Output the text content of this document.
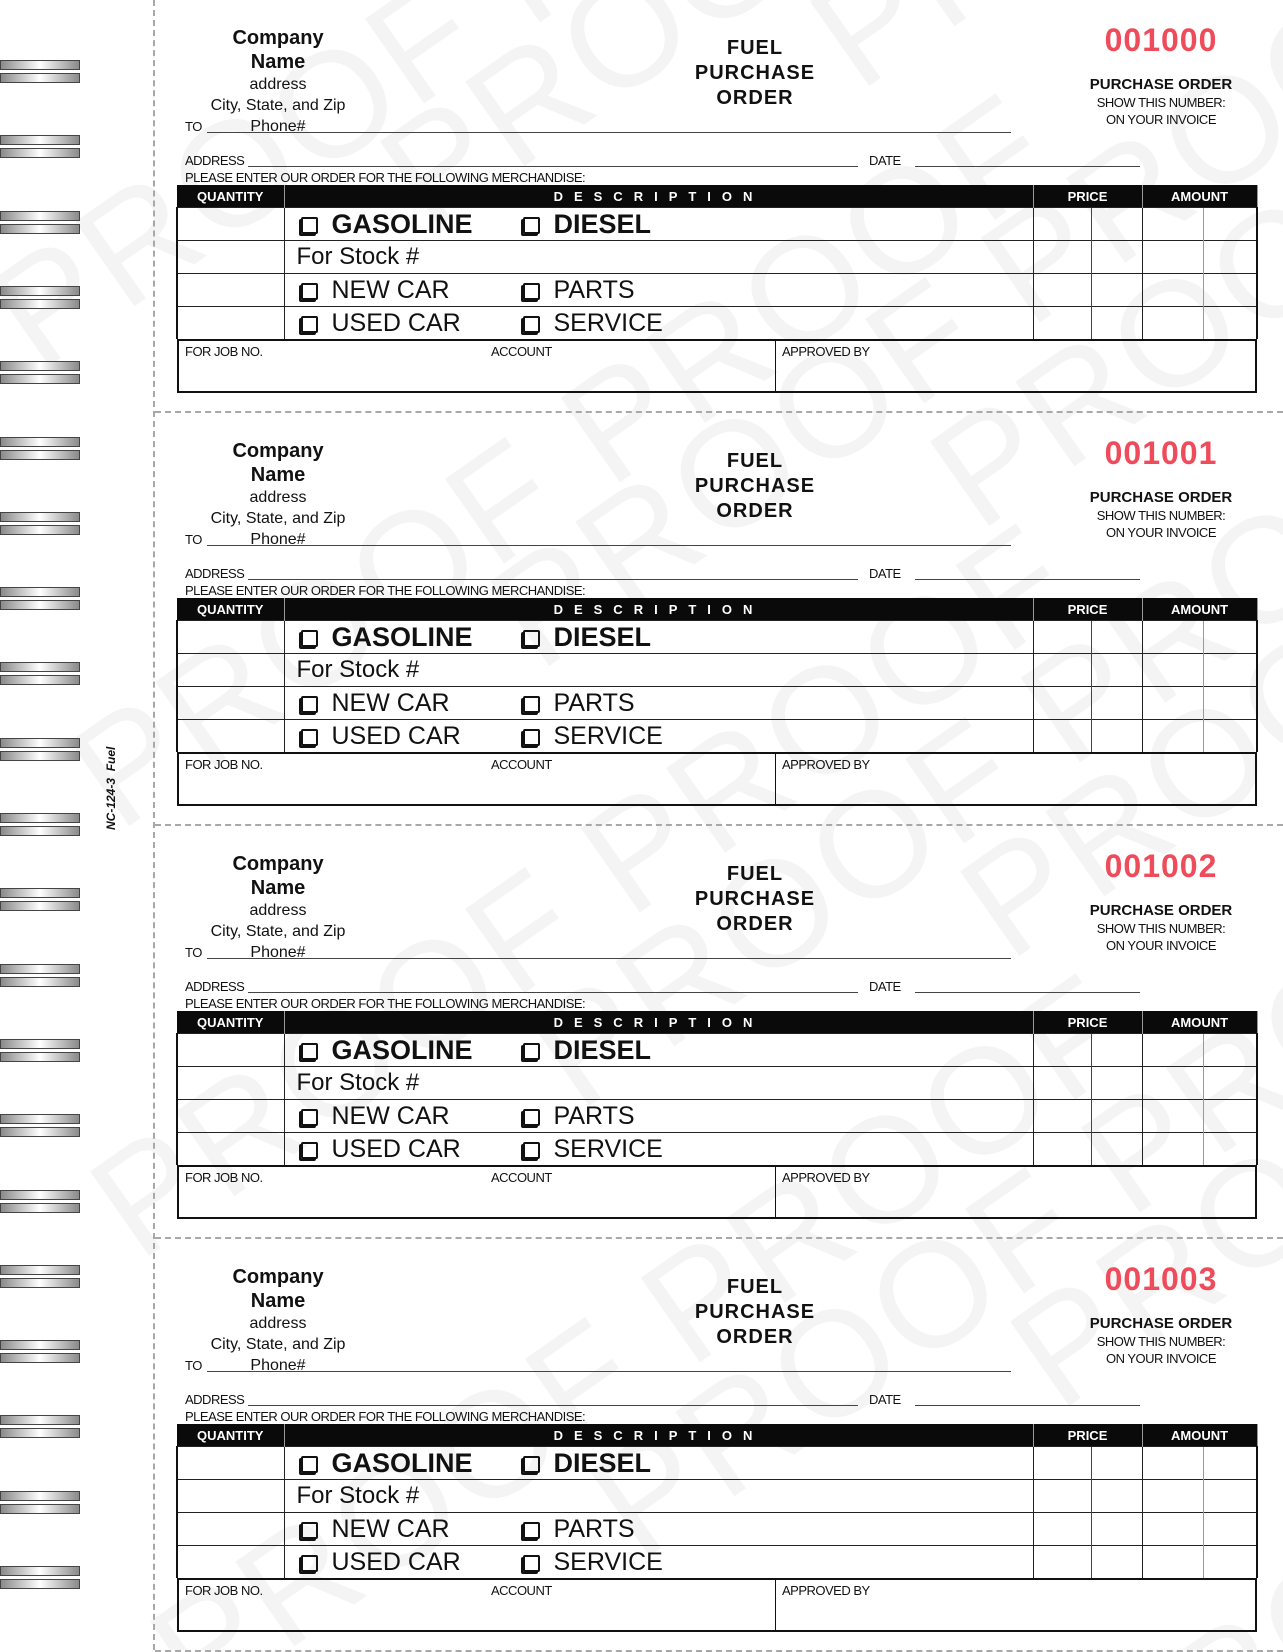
NC-124-3  Fuel
Company Name
address
City, State, and Zip
Phone#
FUEL
PURCHASE
ORDER
001000
PURCHASE ORDER
SHOW THIS NUMBER:
ON YOUR INVOICE
TO
ADDRESS	DATE
PLEASE ENTER OUR ORDER FOR THE FOLLOWING MERCHANDISE:
QUANTITY	DESCRIPTION	PRICE		AMOUNT	

	GASOLINE DIESEL				

For Stock #				

	NEW CAR PARTS				

	USED CAR SERVICE				

FOR JOB NO. ACCOUNT APPROVED BY					
Company Name
address
City, State, and Zip
Phone#
FUEL
PURCHASE
ORDER
001001
PURCHASE ORDER
SHOW THIS NUMBER:
ON YOUR INVOICE
TO
ADDRESS	DATE
PLEASE ENTER OUR ORDER FOR THE FOLLOWING MERCHANDISE:
QUANTITY	DESCRIPTION	PRICE		AMOUNT	

	GASOLINE DIESEL				

For Stock #				

	NEW CAR PARTS				

	USED CAR SERVICE				

FOR JOB NO. ACCOUNT APPROVED BY					
Company Name
address
City, State, and Zip
Phone#
FUEL
PURCHASE
ORDER
001002
PURCHASE ORDER
SHOW THIS NUMBER:
ON YOUR INVOICE
TO
ADDRESS	DATE
PLEASE ENTER OUR ORDER FOR THE FOLLOWING MERCHANDISE:
QUANTITY	DESCRIPTION	PRICE		AMOUNT	

	GASOLINE DIESEL				

For Stock #				

	NEW CAR PARTS				

	USED CAR SERVICE				

FOR JOB NO. ACCOUNT APPROVED BY					
Company Name
address
City, State, and Zip
Phone#
FUEL
PURCHASE
ORDER
001003
PURCHASE ORDER
SHOW THIS NUMBER:
ON YOUR INVOICE
TO
ADDRESS	DATE
PLEASE ENTER OUR ORDER FOR THE FOLLOWING MERCHANDISE:
QUANTITY	DESCRIPTION	PRICE		AMOUNT	

	GASOLINE DIESEL				

For Stock #				

	NEW CAR PARTS				

	USED CAR SERVICE				

FOR JOB NO. ACCOUNT APPROVED BY					
